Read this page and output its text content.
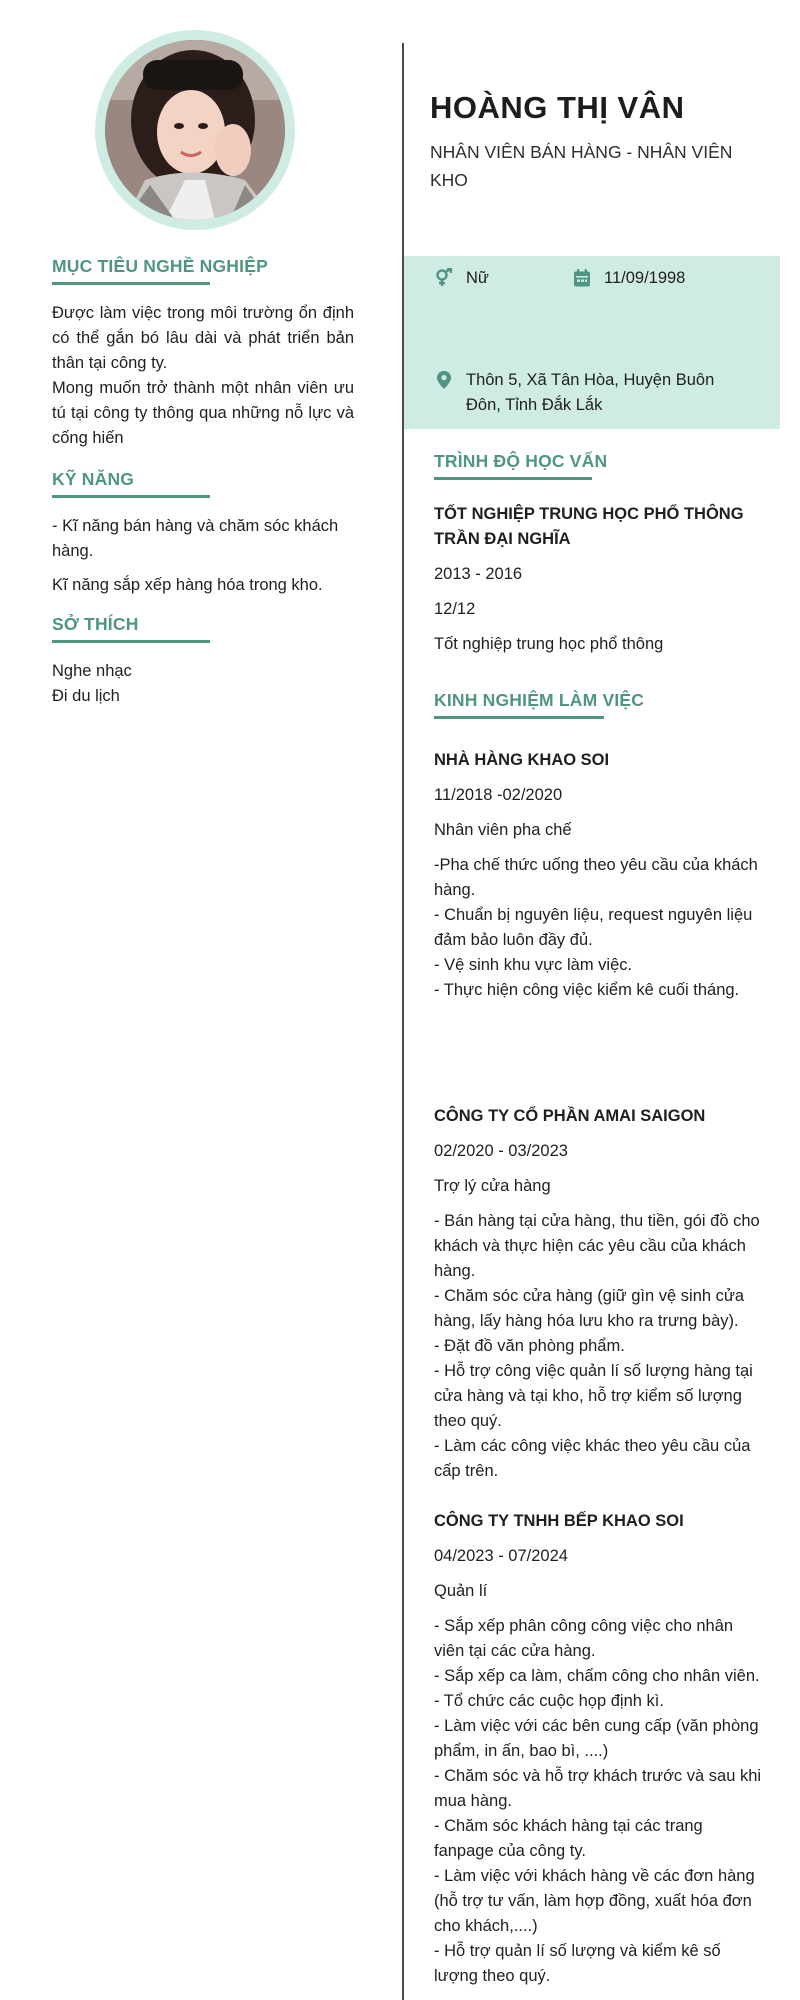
MỤC TIÊU NGHỀ NGHIỆP

Được làm việc trong môi trường ổn định có thể gắn bó lâu dài và phát triển bản thân tại công ty.

Mong muốn trở thành một nhân viên ưu tú tại công ty thông qua những nỗ lực và cống hiến

KỸ NĂNG

- Kĩ năng bán hàng và chăm sóc khách hàng.

Kĩ năng sắp xếp hàng hóa trong kho.

SỞ THÍCH

Nghe nhạc

Đi du lịch

HOÀNG THỊ VÂN

NHÂN VIÊN BÁN HÀNG - NHÂN VIÊN KHO

Nữ	11/09/1998
Thôn 5, Xã Tân Hòa, Huyện Buôn Đôn, Tỉnh Đắk Lắk
TRÌNH ĐỘ HỌC VẤN

TỐT NGHIỆP TRUNG HỌC PHỔ THÔNG TRẦN ĐẠI NGHĨA

2013 - 2016

12/12

Tốt nghiệp trung học phổ thông

KINH NGHIỆM LÀM VIỆC

NHÀ HÀNG KHAO SOI

11/2018 -02/2020

Nhân viên pha chế

-Pha chế thức uống theo yêu cầu của khách hàng.

- Chuẩn bị nguyên liệu, request nguyên liệu đảm bảo luôn đầy đủ.

- Vệ sinh khu vực làm việc.

- Thực hiện công việc kiểm kê cuối tháng.

CÔNG TY CỔ PHẦN AMAI SAIGON

02/2020 - 03/2023

Trợ lý cửa hàng

- Bán hàng tại cửa hàng, thu tiền, gói đồ cho khách và thực hiện các yêu cầu của khách hàng.

- Chăm sóc cửa hàng (giữ gìn vệ sinh cửa hàng, lấy hàng hóa lưu kho ra trưng bày).

- Đặt đồ văn phòng phẩm.

- Hỗ trợ công việc quản lí số lượng hàng tại cửa hàng và tại kho, hỗ trợ kiểm số lượng theo quý.

- Làm các công việc khác theo yêu cầu của cấp trên.

CÔNG TY TNHH BẾP KHAO SOI

04/2023 - 07/2024

Quản lí

- Sắp xếp phân công công việc cho nhân viên tại các cửa hàng.

- Sắp xếp ca làm, chấm công cho nhân viên.

- Tổ chức các cuộc họp định kì.

- Làm việc với các bên cung cấp (văn phòng phẩm, in ấn, bao bì, ....)

- Chăm sóc và hỗ trợ khách trước và sau khi mua hàng.

- Chăm sóc khách hàng tại các trang fanpage của công ty.

- Làm việc với khách hàng về các đơn hàng (hỗ trợ tư vấn, làm hợp đồng, xuất hóa đơn cho khách,....)

- Hỗ trợ quản lí số lượng và kiểm kê số lượng theo quý.
